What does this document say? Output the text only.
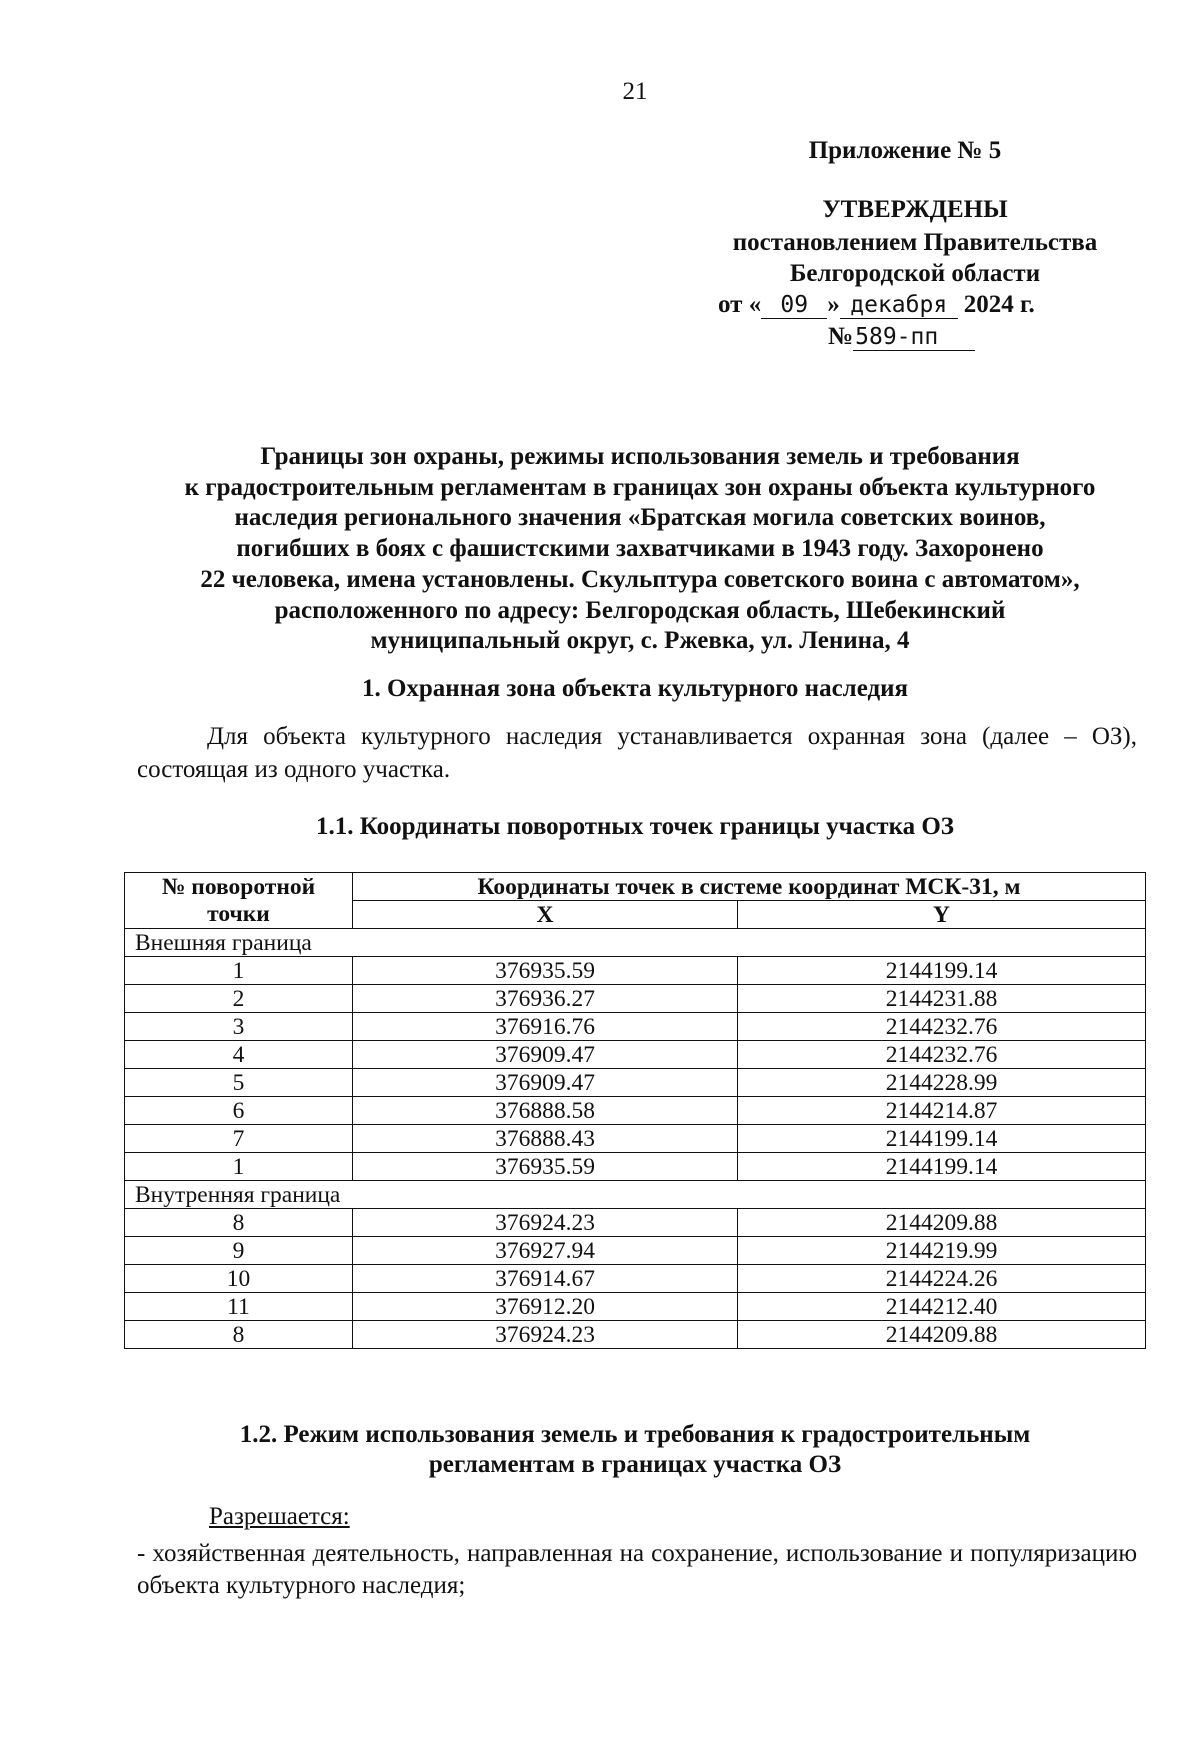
21
Приложение № 5
УТВЕРЖДЕНЫ
постановлением Правительства
Белгородской области
от « 09 » декабря 2024 г.
№589-пп
Границы зон охраны, режимы использования земель и требования
к градостроительным регламентам в границах зон охраны объекта культурного
наследия регионального значения «Братская могила советских воинов,
погибших в боях с фашистскими захватчиками в 1943 году. Захоронено
22 человека, имена установлены. Скульптура советского воина с автоматом»,
расположенного по адресу: Белгородская область, Шебекинский
муниципальный округ, с. Ржевка, ул. Ленина, 4
1. Охранная зона объекта культурного наследия
Для объекта культурного наследия устанавливается охранная зона (далее – ОЗ), состоящая из одного участка.
1.1. Координаты поворотных точек границы участка ОЗ
№ поворотной точки	Координаты точек в системе координат МСК-31, м	
	X	Y
Внешняя граница		
1	376935.59	2144199.14
2	376936.27	2144231.88
3	376916.76	2144232.76
4	376909.47	2144232.76
5	376909.47	2144228.99
6	376888.58	2144214.87
7	376888.43	2144199.14
1	376935.59	2144199.14
Внутренняя граница		
8	376924.23	2144209.88
9	376927.94	2144219.99
10	376914.67	2144224.26
11	376912.20	2144212.40
8	376924.23	2144209.88
1.2. Режим использования земель и требования к градостроительным
регламентам в границах участка ОЗ
Разрешается:
- хозяйственная деятельность, направленная на сохранение, использование и популяризацию объекта культурного наследия;
